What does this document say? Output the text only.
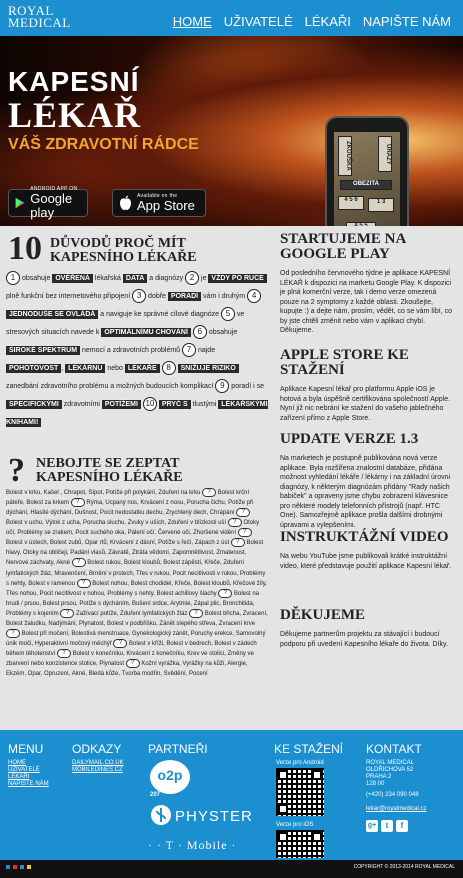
ROYAL
MEDICAL	HOME UŽIVATELÉ LÉKAŘI NAPIŠTE NÁM
KAPESNÍ
LÉKAŘ
VÁŠ ZDRAVOTNÍ RÁDCE
ANDROID APP ON
Google play
Available on the
App Store
ZKOUŠKA	URAZY
OBEZITA
4 5 6	1 3
4 5 5
10 DŮVODŮ PROČ MÍT
KAPESNÍHO LÉKAŘE
1 obsahuje OVĚŘENÁ lékařská DATA a diagnózy 2 je VŽDY PO RUCE plně funkční bez internetového připojení 3 dobře PORADÍ vám i druhým 4 JEDNODUŠE SE OVLÁDÁ a naviguje ke správné cílové diagnóze 5 ve stresových situacích navede k OPTIMÁLNÍMU CHOVÁNÍ 6 obsahuje ŠIROKÉ SPEKTRUM nemocí a zdravotních problémů 7 najde POHOTOVOST , LÉKÁRNU nebo LÉKAŘE 8 SNIŽUJE RIZIKO zanedbání zdravotního problému a možných budoucích komplikací 9 poradí i se SPECIFICKÝMI zdravotními POTÍŽEMI 10 PRYČ S tlustými LÉKAŘSKÝMI KNIHAMI!
? NEBOJTE SE ZEPTAT
KAPESNÍHO LÉKAŘE
Bolest v krku, Kašel , Chrapot, Sípot, Potíže při polykání, Zduření na krku ? Bolest krční páteře, Bolest za krkem ? Rýma, Ucpaný nos, Krvácení z nosu, Porucha čichu, Potíže při dýchání, Hlasité dýchání, Dušnost, Pocit nedostatku dechu, Zrychlený dech, Chrápání ? Bolest v uchu, Výtok z ucha, Porucha sluchu, Zvuky v uších, Zduření v blízkosti uší ? Otoky očí, Problémy se zrakem, Pocit suchého oka, Pálení očí, Červené oči, Zhoršené vidění ? Bolest v ústech, Bolest zubů, Opar rtů, Krvácení z dásní, Potíže s řečí, Zápach z úst ? Bolest hlavy, Otoky na obličeji, Padání vlasů, Závratě, Ztráta vědomí, Zapomnětlivost, Zmatenost, Nervové záchvaty, Akné ? Bolest rukou, Bolest kloubů, Bolest zápěstí, Křeče, Zduření lymfatických žláz, Mravenčení, Brnění v prstech, Třes v rukou, Pocit necitlivosti v rukou, Problémy s nehty, Bolest v ramenou ? Bolest nohou, Bolest chodidel, Křeče, Bolest kloubů, Křečové žíly, Třes nohou, Pocit necitlivost v nohou, Problémy s nehty, Bolest achillovy šlachy ? Bolest na hrudi / prsou, Bolest prsou, Potíže s dýcháním, Bušení srdce, Arytmie, Zápal plic, Bronchitida, Problémy s kojením ? Zažívací potíže, Zduření lymfatických žláz ? Bolest břicha, Zvracení, Bolest žaludku, Nadýmání, Plynatost, Bolest v podbřišku, Zánět slepého střeva, Zvracení krve ? Bolest při močení, Bolestivá menstruace, Gynekologický zánět, Poruchy erekce, Samovolný únik moči, Hyperaktivní močový měchýř ? Bolest v kříži, Bolest v bedrech, Bolest v zádech během těhotenství ? Bolest v konečníku, Krvácení z konečníku, Krev ve stolici, Změny ve zbarvení nebo konzistence stolice, Plynatost ? Kožní vyrážka, Vyrážky na kůži, Alergie, Ekzém, Opar, Opruzení, Akné, Bledá kůže, Tvorba modřin, Svědění, Pocení
STARTUJEME NA GOOGLE PLAY
Od posledního červnového týdne je aplikace KAPESNÍ LÉKAŘ k dispozici na marketu Google Play. K dispozici je plná komerční verze, tak i demo verze omezená pouze na 2 symptomy z každé oblasti. Zkoušejte, kupujte :) a dejte nám, prosím, vědět, co se vám líbí, co by jste chtěli změnit nebo vám v aplikaci chybí. Děkujeme.
APPLE STORE KE STAŽENÍ
Aplikace Kapesní lékař pro platformu Apple iOS je hotová a byla úspěšně certifikována společností Apple. Nyní již nic nebrání ke stažení do vašeho jablečného zařízení přímo z Apple Store.
UPDATE VERZE 1.3
Na marketech je postupně publikována nová verze aplikace. Byla rozšířena znalostní databáze, přidána možnost vyhledání lékáře / lékárny i na základní úrovni diagnózy, k některým diagnózám přidány "Rady našich babiček" a opraveny jsme chybu zobrazení klávesnice pro některé modely telefonních přístrojů (např. HTC One). Samozřejmě aplikace prošla dalšími drobnými úpravami a vylepšeními.
INSTRUKTÁŽNÍ VIDEO
Na webu YouTube jsme publikovali krátké instruktážní video, které představuje použití aplikace Kapesní lékař.
DĚKUJEME
Děkujeme partnerům projektu za stávající i budoucí podporu při uvedení Kapesního lékaře do života. Díky.
MENU
HOME
UŽIVATELÉ
LÉKAŘI
NAPIŠTE NÁM
ODKAZY
DAILYMAIL.CO.UK
MOBILEDINES.CZ
PARTNEŘI
o2p
207
PHYSTER
· · T · Mobile ·
KE STAŽENÍ
Verze pro Android
Verze pro iOS
KONTAKT
ROYAL MEDICAL
OLDŘICHOVA 52
PRAHA 2
128 00
(+420) 234 090 048
lekar@royalmedical.cz
g+	t	f
COPYRIGHT © 2013-2014 ROYAL MEDICAL
